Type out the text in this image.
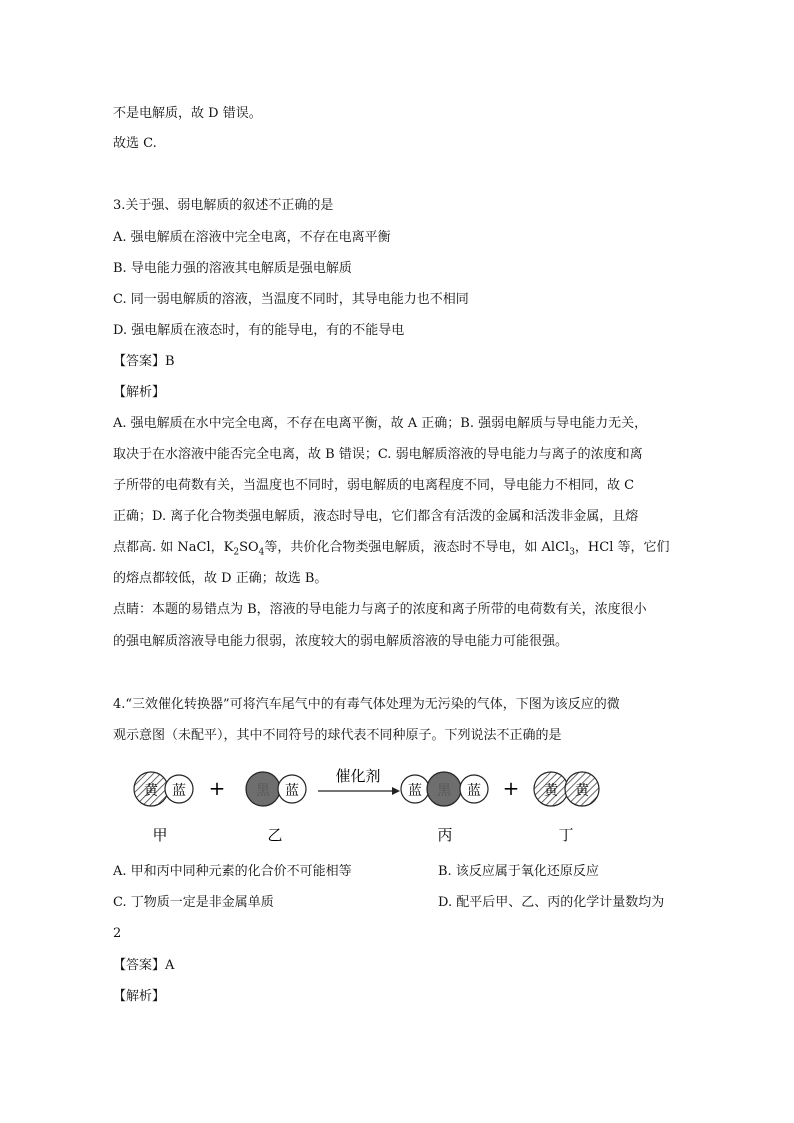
不是电解质，故 D 错误。
故选 C.
3.关于强、弱电解质的叙述不正确的是
A. 强电解质在溶液中完全电离，不存在电离平衡
B. 导电能力强的溶液其电解质是强电解质
C. 同一弱电解质的溶液，当温度不同时，其导电能力也不相同
D. 强电解质在液态时，有的能导电，有的不能导电
【答案】B
【解析】
A. 强电解质在水中完全电离，不存在电离平衡，故 A 正确；B. 强弱电解质与导电能力无关，
取决于在水溶液中能否完全电离，故 B 错误；C. 弱电解质溶液的导电能力与离子的浓度和离
子所带的电荷数有关，当温度也不同时，弱电解质的电离程度不同，导电能力不相同，故 C
正确；D. 离子化合物类强电解质，液态时导电，它们都含有活泼的金属和活泼非金属，且熔
点都高. 如 NaCl，$K_2SO_4$等，共价化合物类强电解质，液态时不导电，如 AlCl$_3$，HCl 等，它们
的熔点都较低，故 D 正确；故选 B。
点睛：本题的易错点为 B，溶液的导电能力与离子的浓度和离子所带的电荷数有关，浓度很小
的强电解质溶液导电能力很弱，浓度较大的弱电解质溶液的导电能力可能很强。
4.“三效催化转换器”可将汽车尾气中的有毒气体处理为无污染的气体，下图为该反应的微
观示意图（未配平），其中不同符号的球代表不同种原子。下列说法不正确的是
黄 蓝 + 黑 蓝
催化剂
蓝 黑 蓝 + 黄 黄
甲	乙	丙	丁
A. 甲和丙中同种元素的化合价不可能相等	B. 该反应属于氧化还原反应
C. 丁物质一定是非金属单质	D. 配平后甲、乙、丙的化学计量数均为
2
【答案】A
【解析】
